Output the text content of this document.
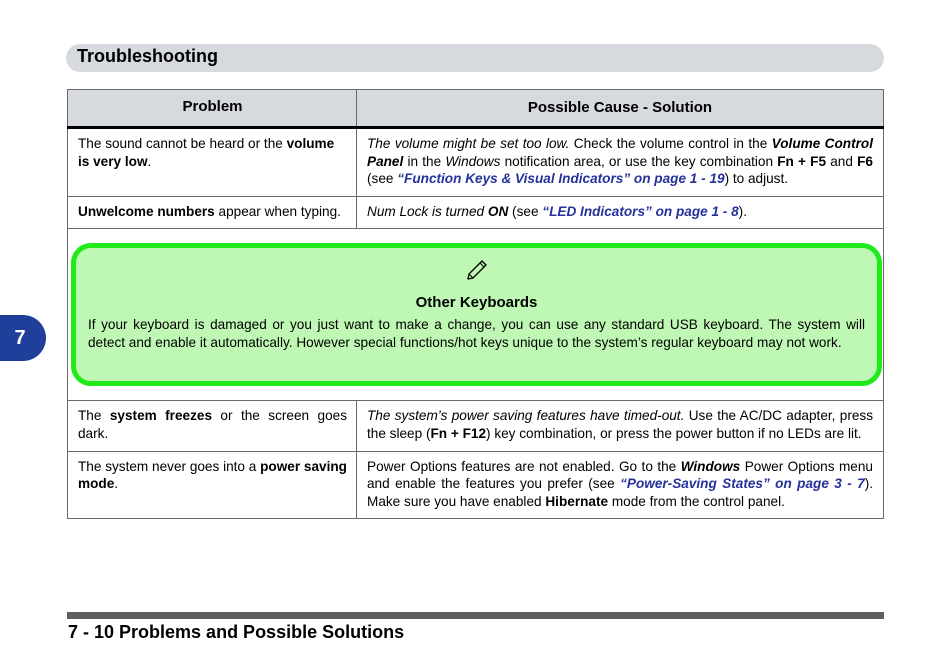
Troubleshooting
7
Problem	Possible Cause - Solution
The sound cannot be heard or the volume is very low.	The volume might be set too low. Check the volume control in the Volume Control Panel in the Windows notification area, or use the key combination Fn + F5 and F6 (see “Function Keys & Visual Indicators” on page 1 - 19) to adjust.
Unwelcome numbers appear when typing.	Num Lock is turned ON (see “LED Indicators” on page 1 - 8).

Other Keyboards
If your keyboard is damaged or you just want to make a change, you can use any standard USB keyboard. The system will detect and enable it automatically. However special functions/hot keys unique to the system’s regular keyboard may not work.	

The system freezes or the screen goes dark.	The system’s power saving features have timed-out. Use the AC/DC adapter, press the sleep (Fn + F12) key combination, or press the power button if no LEDs are lit.
The system never goes into a power saving mode.	Power Options features are not enabled. Go to the Windows Power Options menu and enable the features you prefer (see “Power-Saving States” on page 3 - 7). Make sure you have enabled Hibernate mode from the control panel.
7 - 10 Problems and Possible Solutions
